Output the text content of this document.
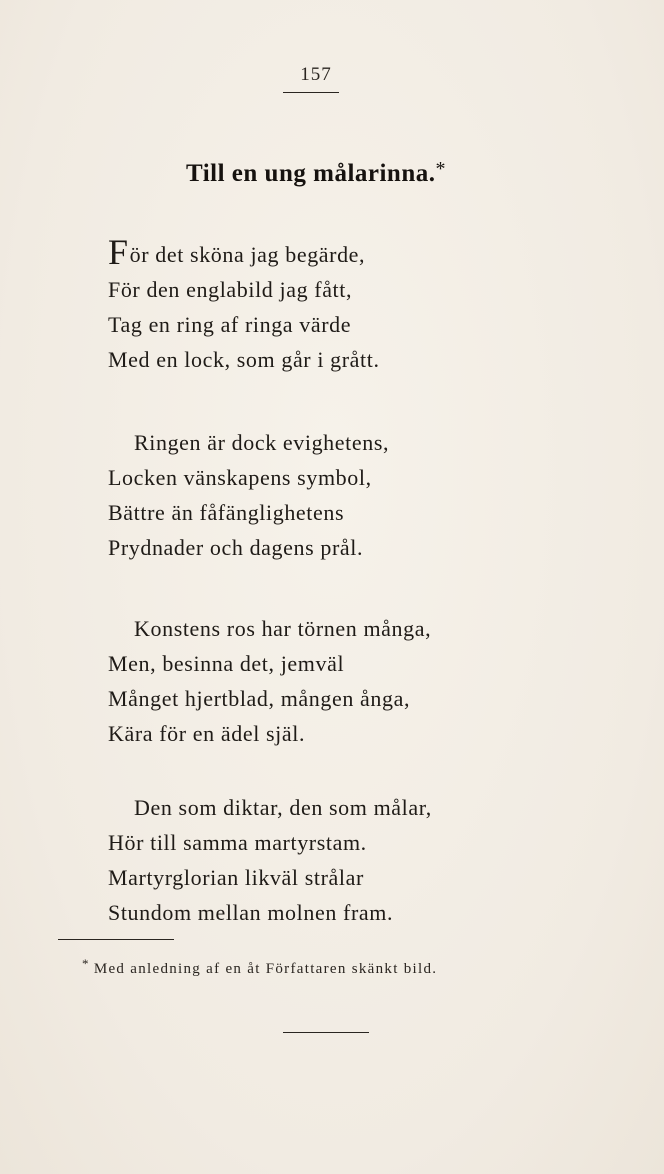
157
Till en ung målarinna.*
För det sköna jag begärde,
För den englabild jag fått,
Tag en ring af ringa värde
Med en lock, som går i grått.
Ringen är dock evighetens,
Locken vänskapens symbol,
Bättre än fåfänglighetens
Prydnader och dagens prål.
Konstens ros har törnen många,
Men, besinna det, jemväl
Månget hjertblad, mången ånga,
Kära för en ädel själ.
Den som diktar, den som målar,
Hör till samma martyrstam.
Martyrglorian likväl strålar
Stundom mellan molnen fram.
* Med anledning af en åt Författaren skänkt bild.
